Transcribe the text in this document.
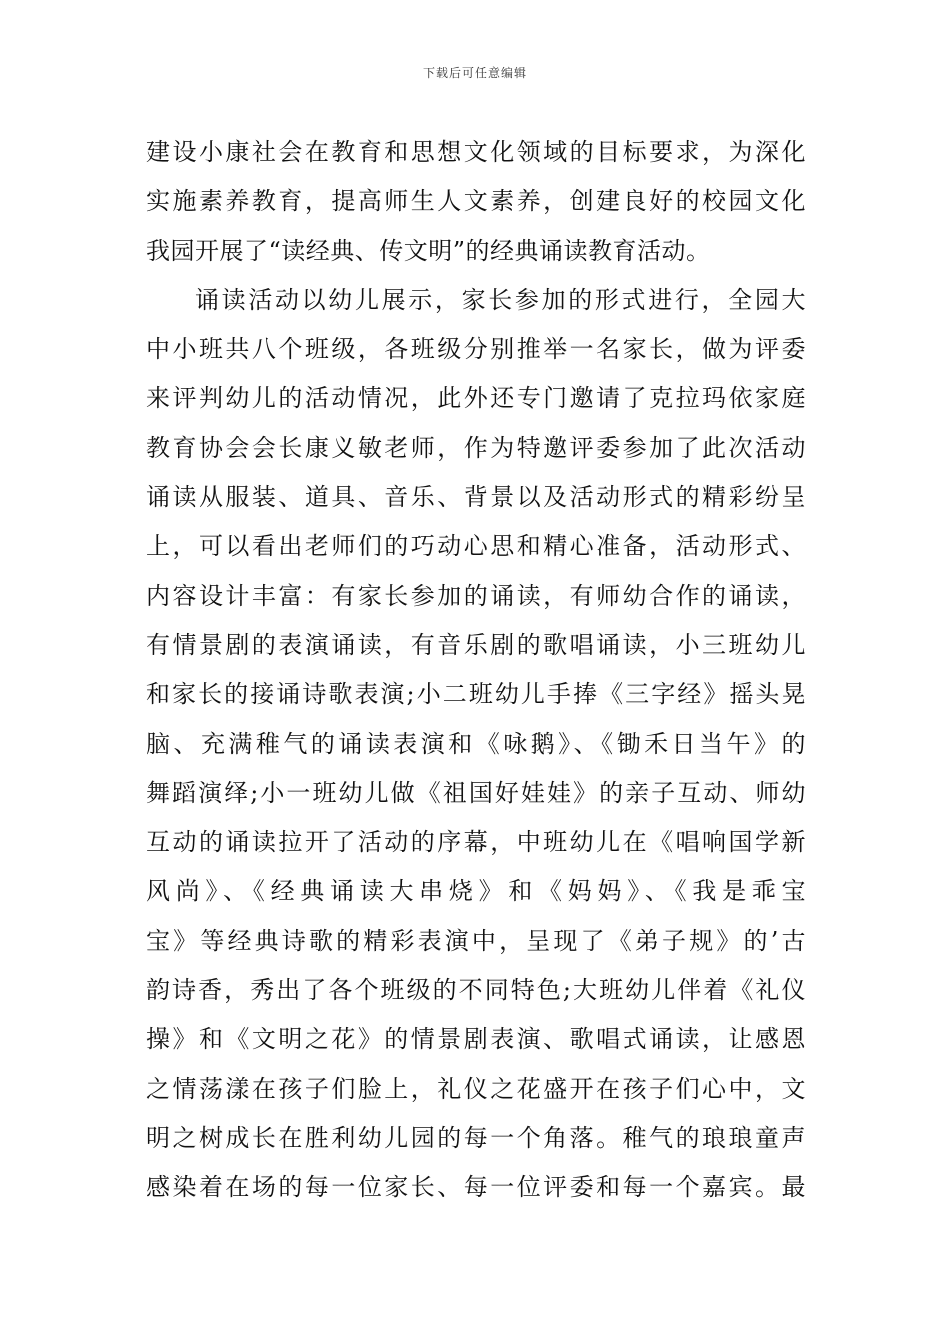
下载后可任意编辑
建设小康社会在教育和思想文化领域的目标要求，为深化
实施素养教育，提高师生人文素养，创建良好的校园文化
我园开展了“读经典、传文明”的经典诵读教育活动。
诵读活动以幼儿展示，家长参加的形式进行，全园大
中小班共八个班级，各班级分别推举一名家长，做为评委
来评判幼儿的活动情况，此外还专门邀请了克拉玛依家庭
教育协会会长康义敏老师，作为特邀评委参加了此次活动
诵读从服装、道具、音乐、背景以及活动形式的精彩纷呈
上，可以看出老师们的巧动心思和精心准备，活动形式、
内容设计丰富：有家长参加的诵读，有师幼合作的诵读，
有情景剧的表演诵读，有音乐剧的歌唱诵读，小三班幼儿
和家长的接诵诗歌表演;小二班幼儿手捧《三字经》摇头晃
脑、充满稚气的诵读表演和《咏鹅》、《锄禾日当午》的
舞蹈演绎;小一班幼儿做《祖国好娃娃》的亲子互动、师幼
互动的诵读拉开了活动的序幕，中班幼儿在《唱响国学新
风尚》、《经典诵读大串烧》和《妈妈》、《我是乖宝
宝》等经典诗歌的精彩表演中，呈现了《弟子规》的’古
韵诗香，秀出了各个班级的不同特色;大班幼儿伴着《礼仪
操》和《文明之花》的情景剧表演、歌唱式诵读，让感恩
之情荡漾在孩子们脸上，礼仪之花盛开在孩子们心中，文
明之树成长在胜利幼儿园的每一个角落。稚气的琅琅童声
感染着在场的每一位家长、每一位评委和每一个嘉宾。最
